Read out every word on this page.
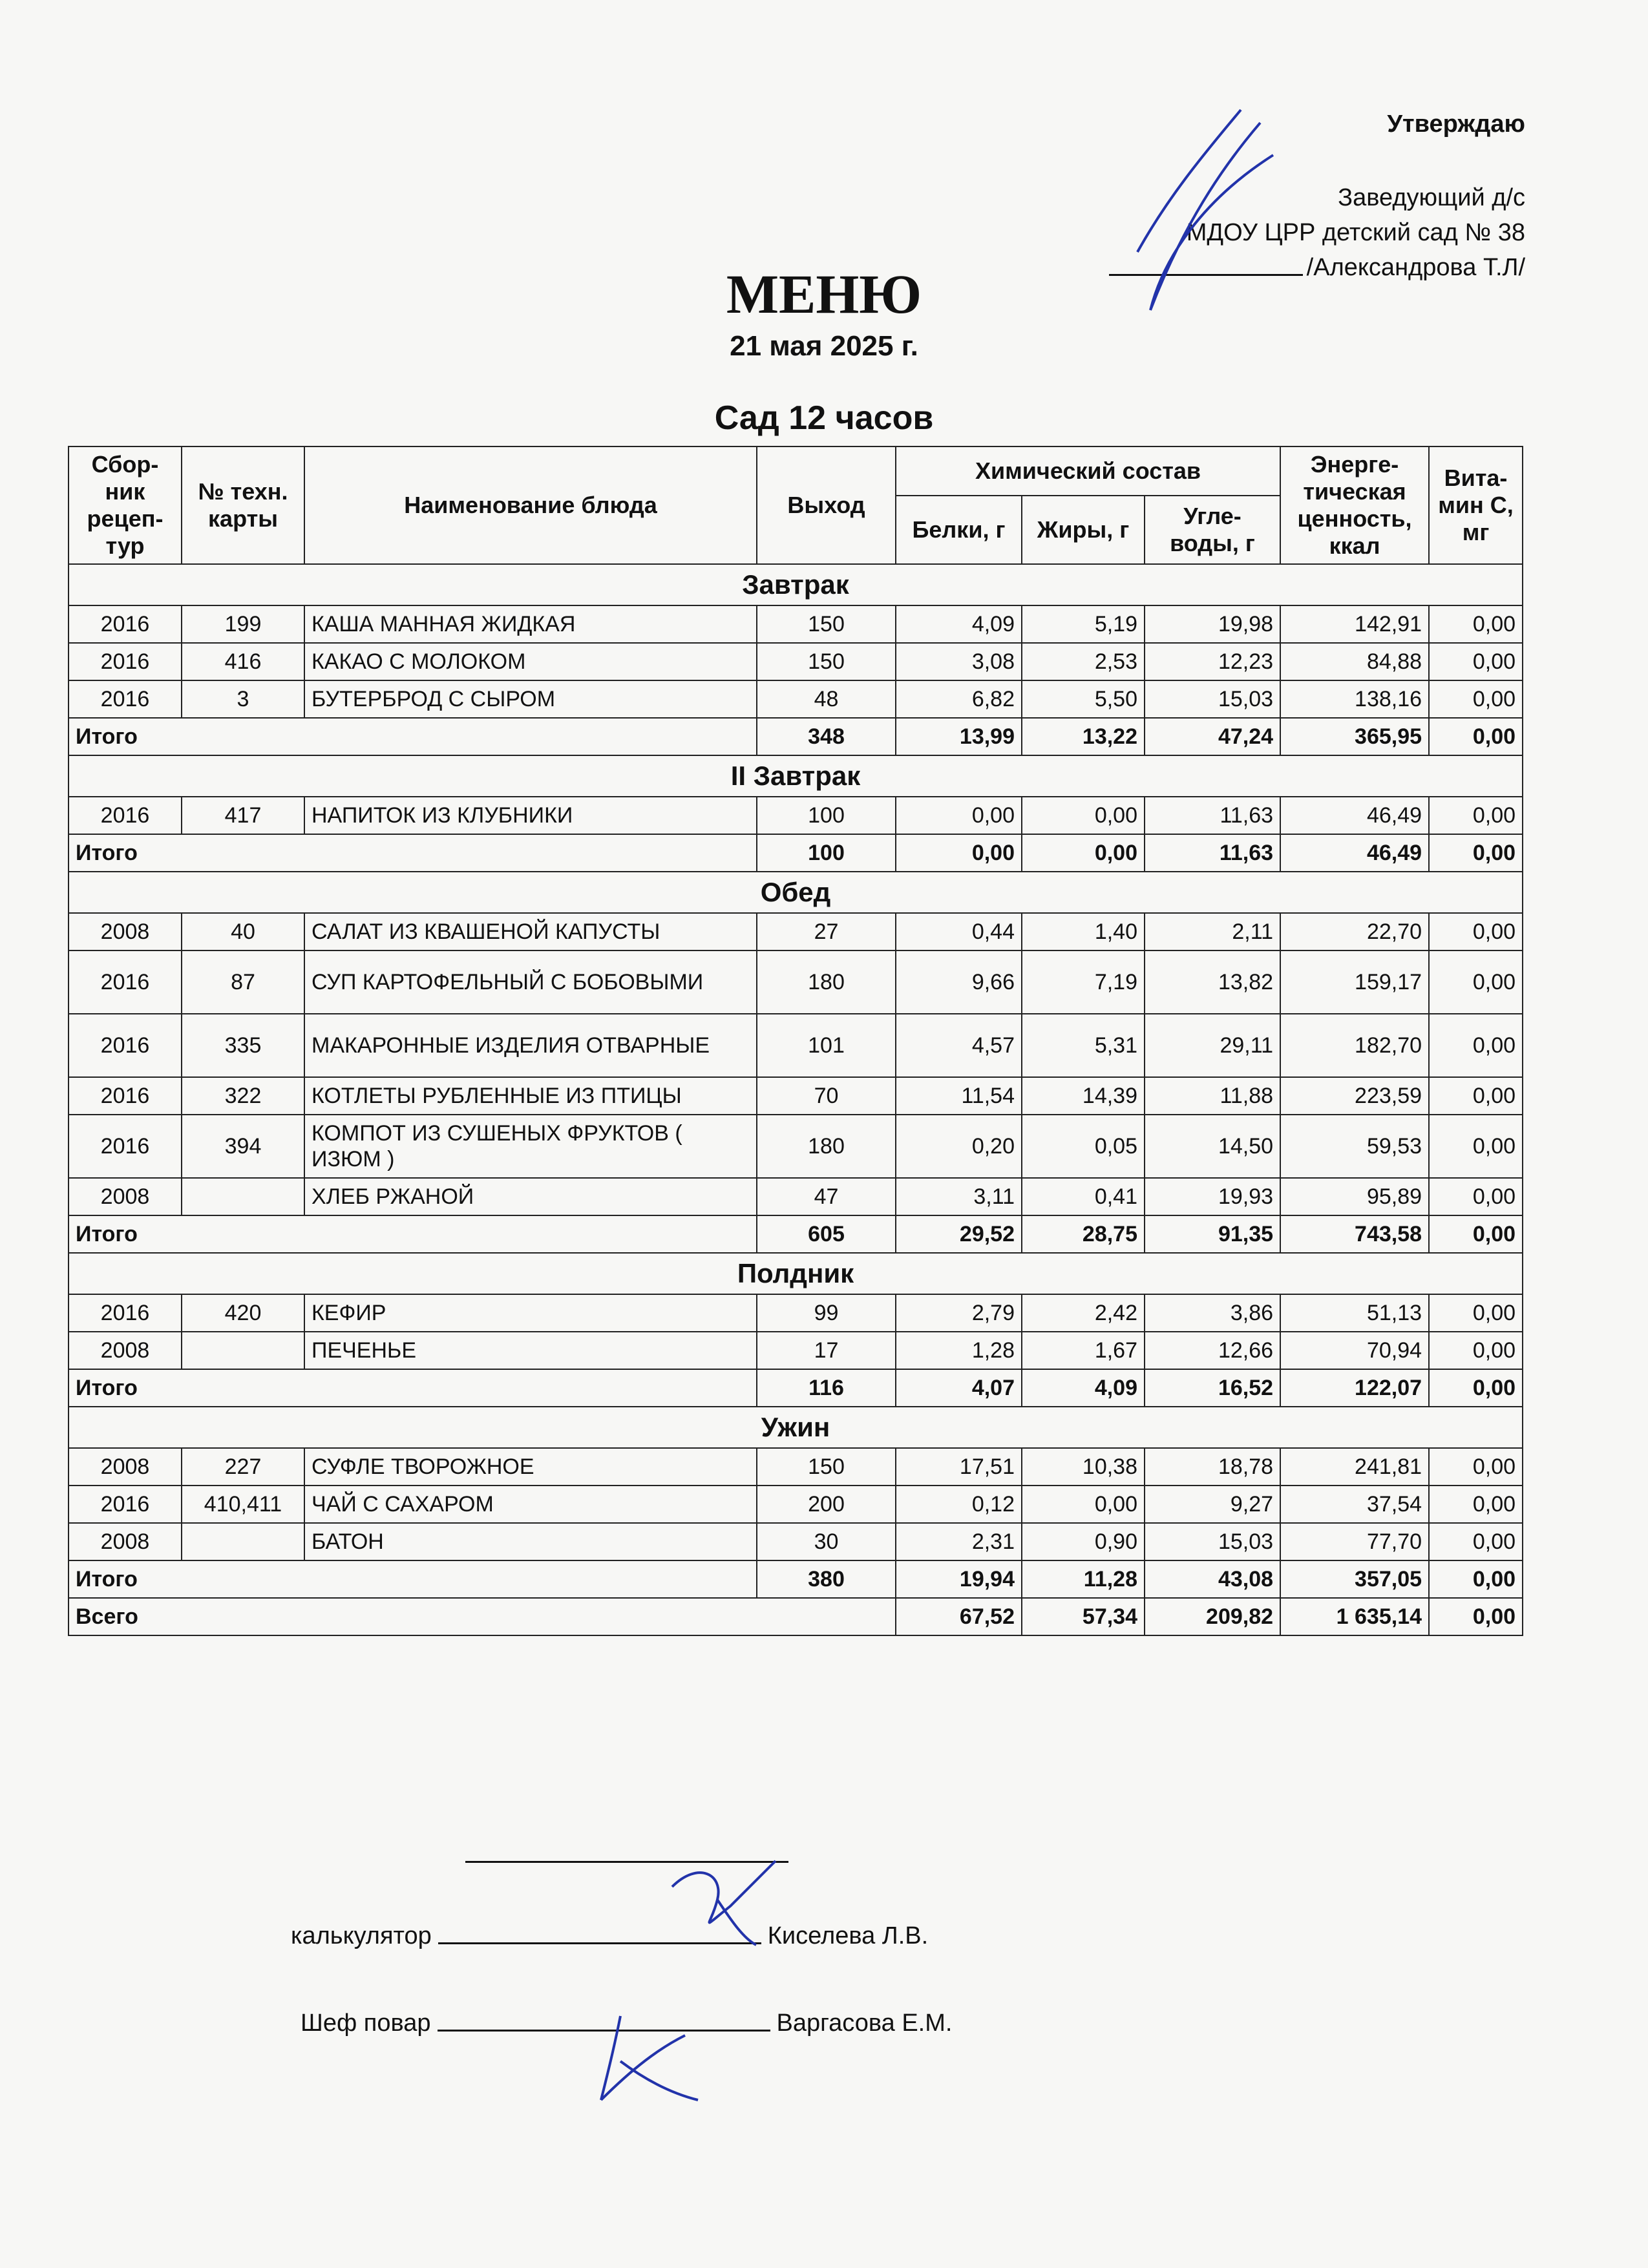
Утверждаю
Заведующий д/с
МДОУ ЦРР детский сад № 38
/Александрова Т.Л/
МЕНЮ
21 мая 2025 г.
Сад 12 часов
Сбор-ник рецеп-тур	№ техн. карты	Наименование блюда	Выход	Химический состав			Энерге-тическая ценность, ккал	Вита-мин С, мг
				Белки, г	Жиры, г	Угле-воды, г		
Завтрак								
2016	199	КАША МАННАЯ ЖИДКАЯ	150	4,09	5,19	19,98	142,91	0,00
2016	416	КАКАО С МОЛОКОМ	150	3,08	2,53	12,23	84,88	0,00
2016	3	БУТЕРБРОД С СЫРОМ	48	6,82	5,50	15,03	138,16	0,00
Итого			348	13,99	13,22	47,24	365,95	0,00
II Завтрак								
2016	417	НАПИТОК ИЗ КЛУБНИКИ	100	0,00	0,00	11,63	46,49	0,00
Итого			100	0,00	0,00	11,63	46,49	0,00
Обед								
2008	40	САЛАТ ИЗ КВАШЕНОЙ КАПУСТЫ	27	0,44	1,40	2,11	22,70	0,00
2016	87	СУП КАРТОФЕЛЬНЫЙ С БОБОВЫМИ	180	9,66	7,19	13,82	159,17	0,00
2016	335	МАКАРОННЫЕ ИЗДЕЛИЯ ОТВАРНЫЕ	101	4,57	5,31	29,11	182,70	0,00
2016	322	КОТЛЕТЫ РУБЛЕННЫЕ ИЗ ПТИЦЫ	70	11,54	14,39	11,88	223,59	0,00
2016	394	КОМПОТ ИЗ СУШЕНЫХ ФРУКТОВ ( ИЗЮМ )	180	0,20	0,05	14,50	59,53	0,00
2008		ХЛЕБ РЖАНОЙ	47	3,11	0,41	19,93	95,89	0,00
Итого			605	29,52	28,75	91,35	743,58	0,00
Полдник								
2016	420	КЕФИР	99	2,79	2,42	3,86	51,13	0,00
2008		ПЕЧЕНЬЕ	17	1,28	1,67	12,66	70,94	0,00
Итого			116	4,07	4,09	16,52	122,07	0,00
Ужин								
2008	227	СУФЛЕ ТВОРОЖНОЕ	150	17,51	10,38	18,78	241,81	0,00
2016	410,411	ЧАЙ С САХАРОМ	200	0,12	0,00	9,27	37,54	0,00
2008		БАТОН	30	2,31	0,90	15,03	77,70	0,00
Итого			380	19,94	11,28	43,08	357,05	0,00
Всего				67,52	57,34	209,82	1 635,14	0,00
калькулятор	Киселева Л.В.
Шеф повар	Варгасова Е.М.
